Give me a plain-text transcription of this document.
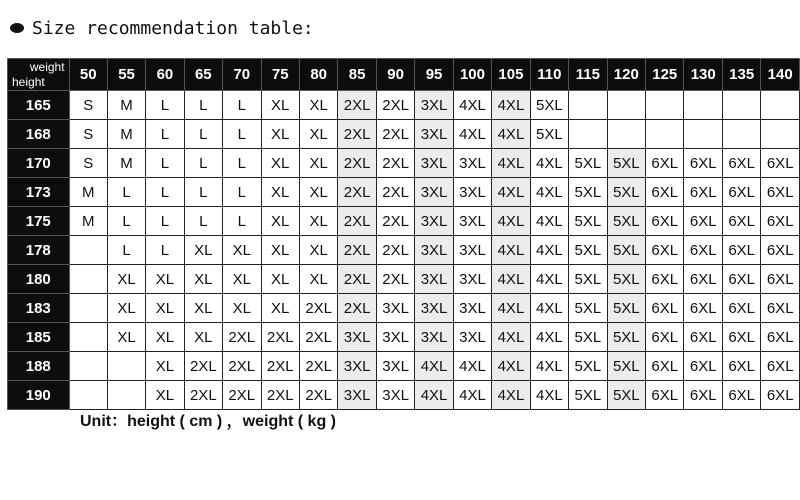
Size recommendation table:
weight
height	50	55	60	65	70	75	80	85	90	95	100	105	110	115	120	125	130	135	140
165	S	M	L	L	L	XL	XL	2XL	2XL	3XL	4XL	4XL	5XL						
168	S	M	L	L	L	XL	XL	2XL	2XL	3XL	4XL	4XL	5XL						
170	S	M	L	L	L	XL	XL	2XL	2XL	3XL	3XL	4XL	4XL	5XL	5XL	6XL	6XL	6XL	6XL
173	M	L	L	L	L	XL	XL	2XL	2XL	3XL	3XL	4XL	4XL	5XL	5XL	6XL	6XL	6XL	6XL
175	M	L	L	L	L	XL	XL	2XL	2XL	3XL	3XL	4XL	4XL	5XL	5XL	6XL	6XL	6XL	6XL
178		L	L	XL	XL	XL	XL	2XL	2XL	3XL	3XL	4XL	4XL	5XL	5XL	6XL	6XL	6XL	6XL
180		XL	XL	XL	XL	XL	XL	2XL	2XL	3XL	3XL	4XL	4XL	5XL	5XL	6XL	6XL	6XL	6XL
183		XL	XL	XL	XL	XL	2XL	2XL	3XL	3XL	3XL	4XL	4XL	5XL	5XL	6XL	6XL	6XL	6XL
185		XL	XL	XL	2XL	2XL	2XL	3XL	3XL	3XL	3XL	4XL	4XL	5XL	5XL	6XL	6XL	6XL	6XL
188			XL	2XL	2XL	2XL	2XL	3XL	3XL	4XL	4XL	4XL	4XL	5XL	5XL	6XL	6XL	6XL	6XL
190			XL	2XL	2XL	2XL	2XL	3XL	3XL	4XL	4XL	4XL	4XL	5XL	5XL	6XL	6XL	6XL	6XL
Unit：height ( cm ) ，weight ( kg )
